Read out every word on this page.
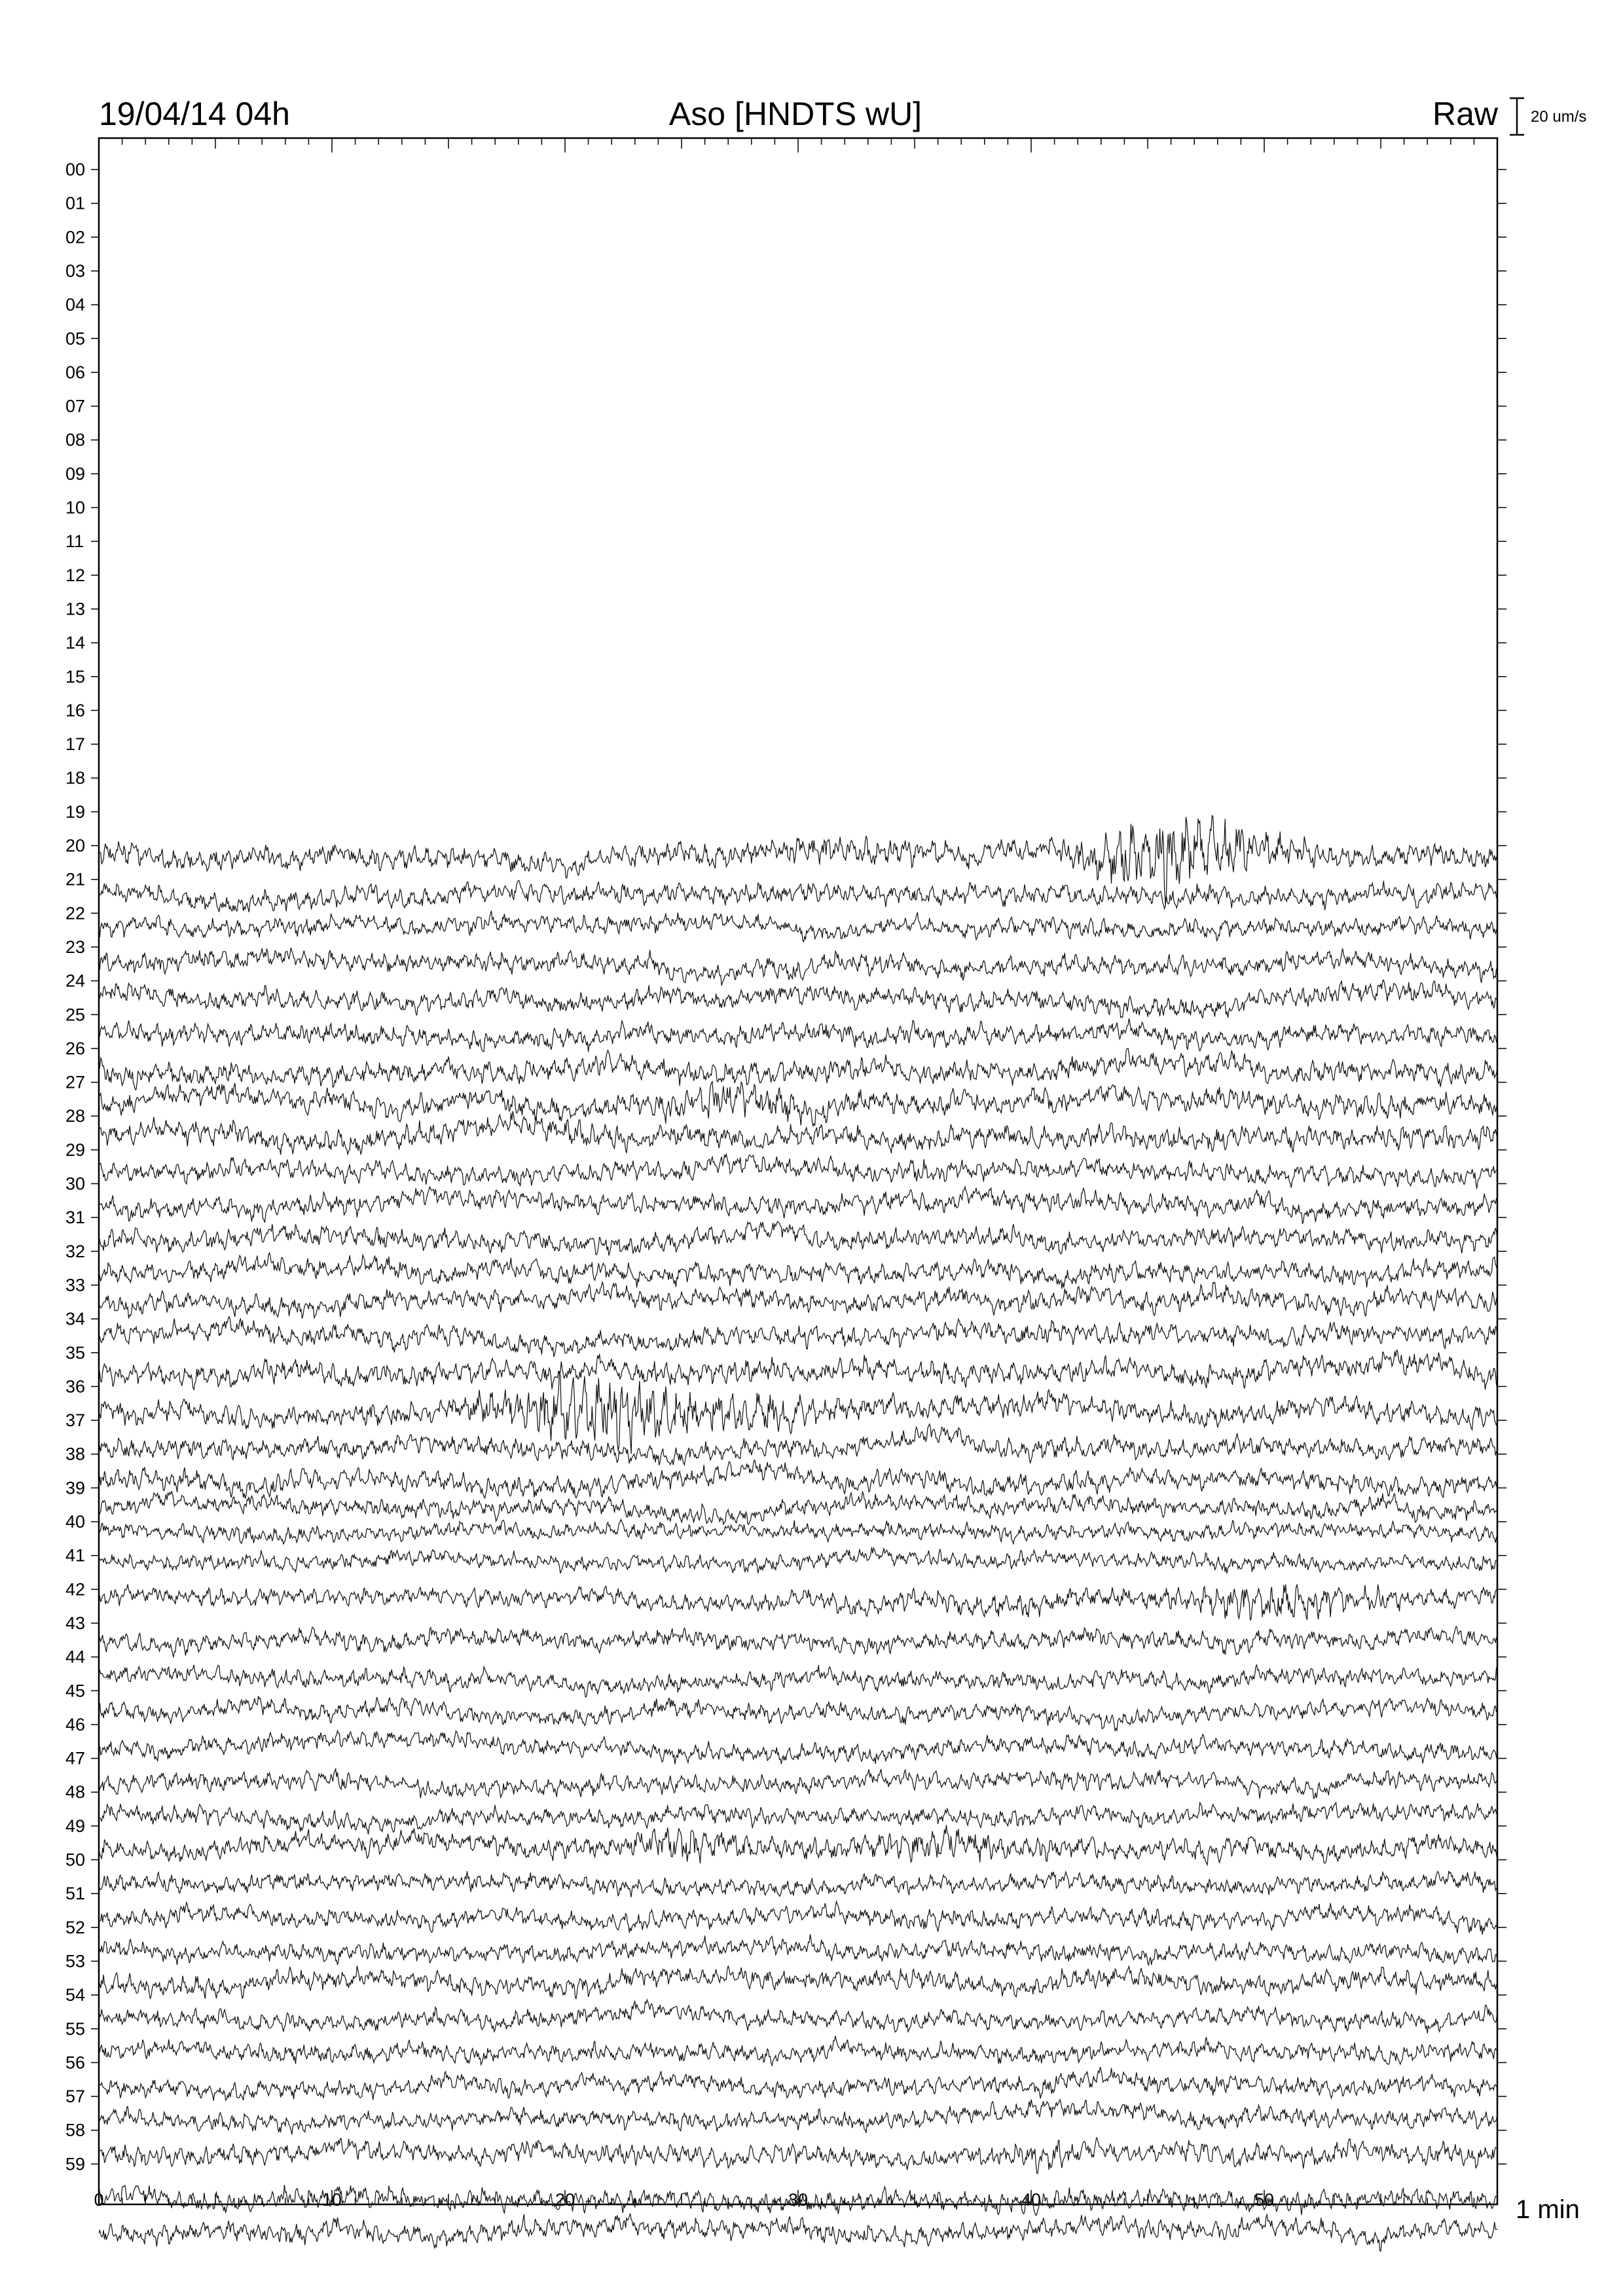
19/04/14 04h	Aso [HNDTS wU]	Raw 20 um/s
00
01
02
03
04
05
06
07
08
09
10
11
12
13
14
15
16
17
18
19
20
21
22
23
24
25
26
27
28
29
30
31
32
33
34
35
36
37
38
39
40
41
42
43
44
45
46
47
48
49
50
51
52
53
54
55
56
57
58
59
0	10	20	30	40	50	1 min
